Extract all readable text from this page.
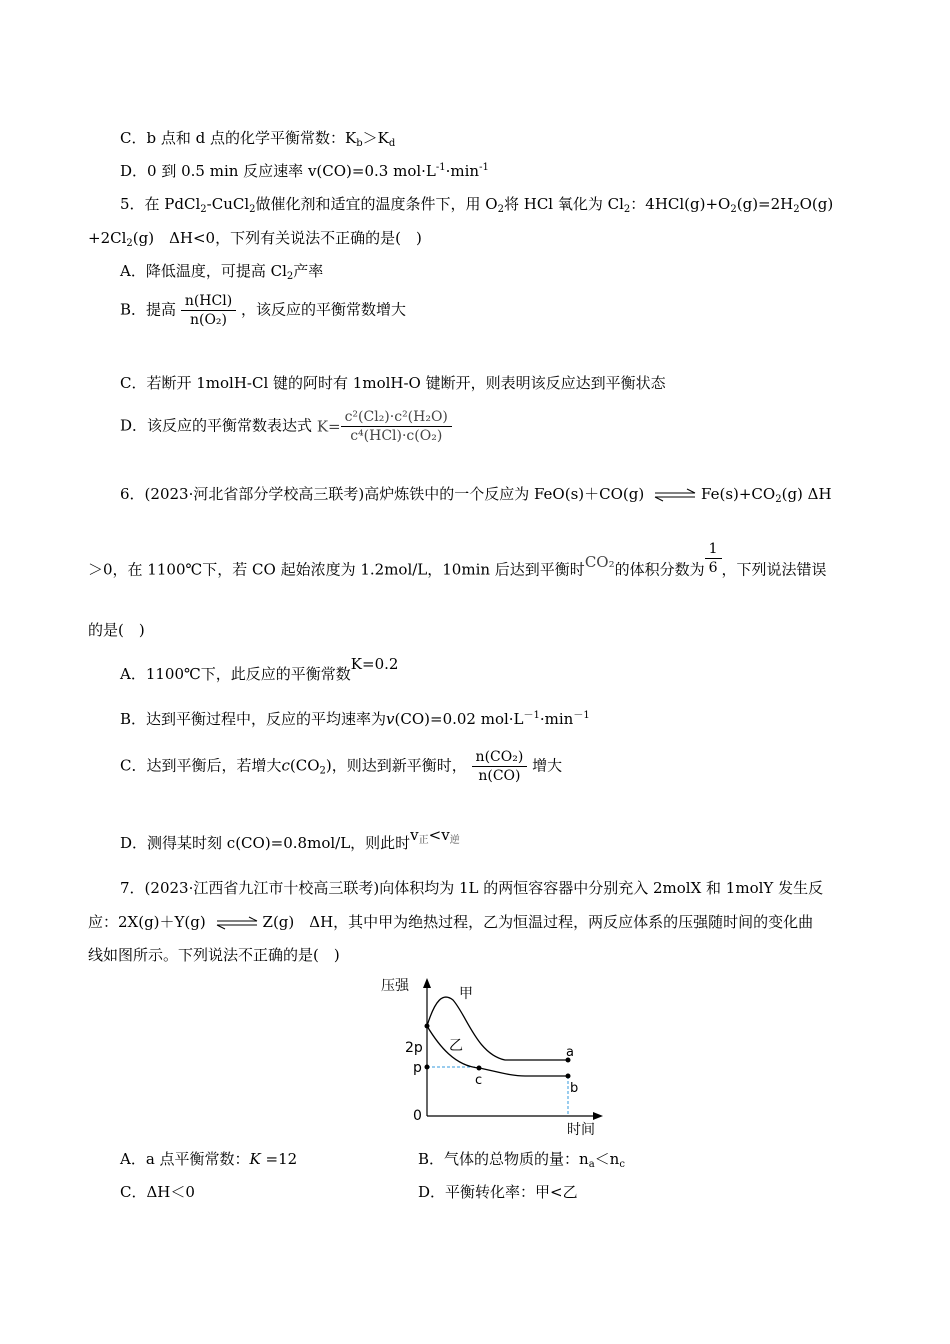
C．b 点和 d 点的化学平衡常数：$K_b>K_d$
D．0 到 0.5 min 反应速率 v(CO)=0.3 $mol\cdot L^{-1}\cdot\min^{-1}$
5．在 PdCl$_2$-CuCl$_2$做催化剂和适宜的温度条件下，用 $O_2$将 HCl 氧化为 $Cl_2$：$4HCl(g)+O_2(g)=2H_2O(g)$
$+2Cl_2(g)$　ΔH<0，下列有关说法不正确的是(　)
A．降低温度，可提高 $Cl_2$产率
B．提高 $\frac{\text{n(HCl)}}{\text{n(O₂)}}$ ，该反应的平衡常数增大
C．若断开 1molH-Cl 键的阿时有 1molH-O 键断开，则表明该反应达到平衡状态
D．该反应的平衡常数表达式 $K= \frac{\text{c²(Cl₂)·c²(H₂O)}}{\text{c⁴(HCl)·c(O₂)}}$
6．(2023·河北省部分学校高三联考)高炉炼铁中的一个反应为 FeO(s)＋CO(g) ⇌ $Fe(s)+CO_2(g)$ ΔH
＞0，在 1100℃下，若 CO 起始浓度为 1.2mol/L，10min 后达到平衡时CO₂的体积分数为 $\frac{1}{6}$ ，下列说法错误
的是(　)
A．1100℃下，此反应的平衡常数K=0.2
B．达到平衡过程中，反应的平均速率为v(CO)=0.02 $mol\cdot L^{-1}\cdot\min^{-1}$
C．达到平衡后，若增大$c(CO_2)$，则达到新平衡时， $\frac{\text{n(CO₂)}}{n(CO)}$ 增大
D．测得某时刻 c(CO)=0.8mol/L，则此时$v_正<v_逆$
7．(2023·江西省九江市十校高三联考)向体积均为 1L 的两恒容容器中分别充入 2molX 和 1molY 发生反
应：2X(g)＋Y(g) ⇌ Z(g)　ΔH，其中甲为绝热过程，乙为恒温过程，两反应体系的压强随时间的变化曲
线如图所示。下列说法不正确的是(　)
压强
时间
2p
p
0
甲
乙
c
a
b
A．a 点平衡常数：K =12	B．气体的总物质的量：$n_a<n_c$
C．ΔH＜0	D．平衡转化率：甲<乙
